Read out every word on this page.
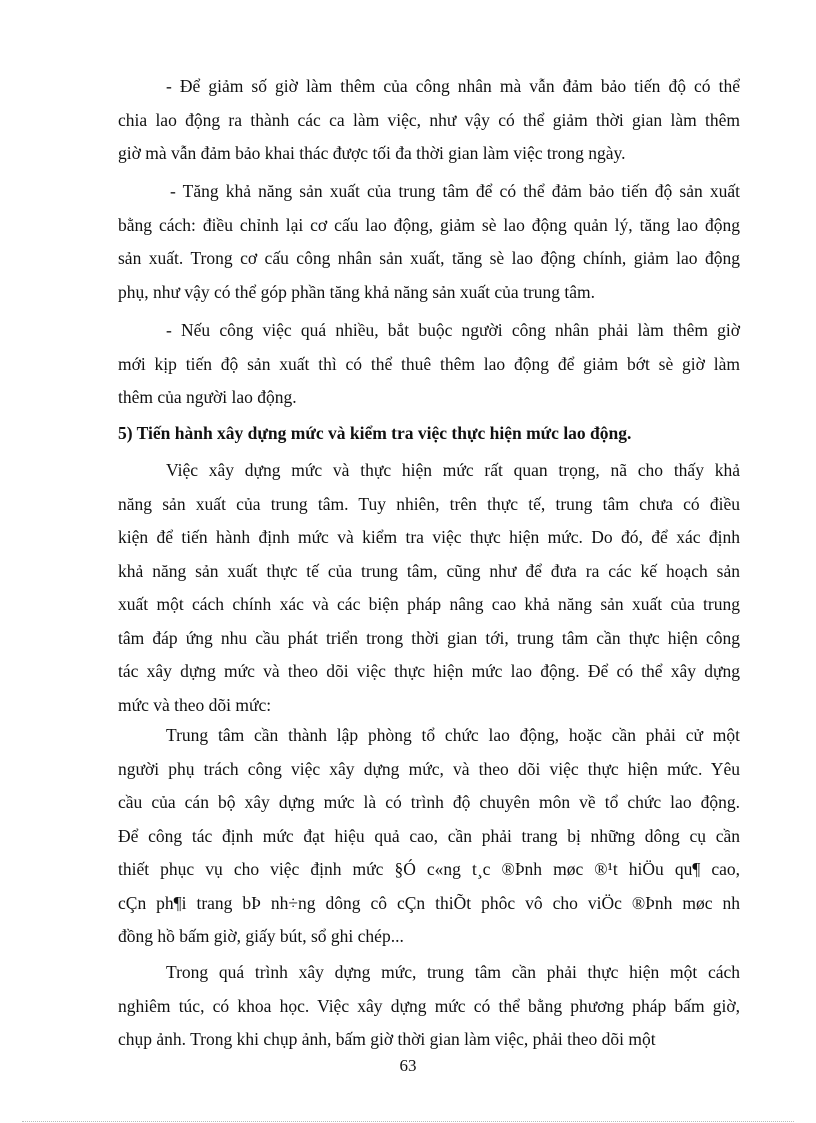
- Để giảm số giờ làm thêm của công nhân mà vẫn đảm bảo tiến độ có thể
chia lao động ra thành các ca làm việc, như vậy có thể giảm thời gian làm thêm
giờ mà vẫn đảm bảo khai thác được tối đa thời gian làm việc trong ngày.

- Tăng khả năng sản xuất của trung tâm để có thể đảm bảo tiến độ sản xuất
bằng cách: điều chỉnh lại cơ cấu lao động, giảm sè lao động quản lý, tăng lao động
sản xuất. Trong cơ cấu công nhân sản xuất, tăng sè lao động chính, giảm lao động
phụ, như vậy có thể góp phần tăng khả năng sản xuất của trung tâm.

- Nếu công việc quá nhiều, bắt buộc người công nhân phải làm thêm giờ
mới kịp tiến độ sản xuất thì có thể thuê thêm lao động để giảm bớt sè giờ làm
thêm của người lao động.

5) Tiến hành xây dựng mức và kiểm tra việc thực hiện mức lao động.

Việc xây dựng mức và thực hiện mức rất quan trọng, nã cho thấy khả
năng sản xuất của trung tâm. Tuy nhiên, trên thực tế, trung tâm chưa có điều
kiện để tiến hành định mức và kiểm tra việc thực hiện mức. Do đó, để xác định
khả năng sản xuất thực tế của trung tâm, cũng như để đưa ra các kế hoạch sản
xuất một cách chính xác và các biện pháp nâng cao khả năng sản xuất của trung
tâm đáp ứng nhu cầu phát triển trong thời gian tới, trung tâm cần thực hiện công
tác xây dựng mức và theo dõi việc thực hiện mức lao động. Để có thể xây dựng
mức và theo dõi mức:

Trung tâm cần thành lập phòng tổ chức lao động, hoặc cần phải cử một
người phụ trách công việc xây dựng mức, và theo dõi việc thực hiện mức. Yêu
cầu của cán bộ xây dựng mức là có trình độ chuyên môn về tổ chức lao động.
Để công tác định mức đạt hiệu quả cao, cần phải trang bị những dông cụ cần
thiết phục vụ cho việc định mức §Ó c«ng t¸c ®Þnh møc ®¹t hiÖu qu¶ cao,
cÇn ph¶i trang bÞ nh÷ng dông cô cÇn thiÕt phôc vô cho viÖc ®Þnh møc nh
đồng hồ bấm giờ, giấy bút, sổ ghi chép...

Trong quá trình xây dựng mức, trung tâm cần phải thực hiện một cách
nghiêm túc, có khoa học. Việc xây dựng mức có thể bằng phương pháp bấm giờ,
chụp ảnh. Trong khi chụp ảnh, bấm giờ thời gian làm việc, phải theo dõi một

63
